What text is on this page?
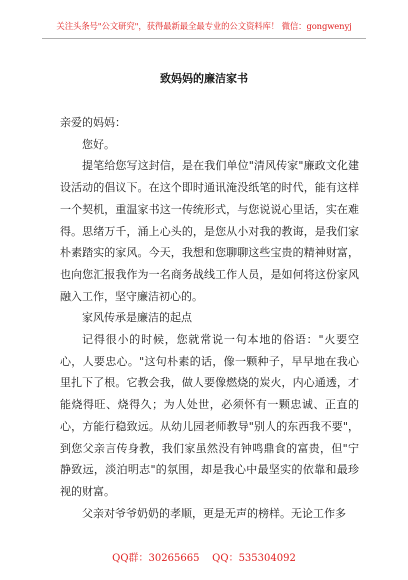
关注头条号"公文研究"，获得最新最全最专业的公文资料库！ 微信：gongwenyj
致妈妈的廉洁家书

亲爱的妈妈：

您好。

提笔给您写这封信，是在我们单位"清风传家"廉政文化建设活动的倡议下。在这个即时通讯淹没纸笔的时代，能有这样一个契机，重温家书这一传统形式，与您说说心里话，实在难得。思绪万千，涌上心头的，是您从小对我的教诲，是我们家朴素踏实的家风。今天，我想和您聊聊这些宝贵的精神财富，也向您汇报我作为一名商务战线工作人员，是如何将这份家风融入工作，坚守廉洁初心的。

家风传承是廉洁的起点

记得很小的时候，您就常说一句本地的俗语："火要空心，人要忠心。"这句朴素的话，像一颗种子，早早地在我心里扎下了根。它教会我，做人要像燃烧的炭火，内心通透，才能烧得旺、烧得久；为人处世，必须怀有一颗忠诚、正直的心，方能行稳致远。从幼儿园老师教导"别人的东西我不要"，到您父亲言传身教，我们家虽然没有钟鸣鼎食的富贵，但"宁静致远，淡泊明志"的氛围，却是我心中最坚实的依靠和最珍视的财富。

父亲对爷爷奶奶的孝顺，更是无声的榜样。无论工作多

QQ群：30265665 QQ：535304092
